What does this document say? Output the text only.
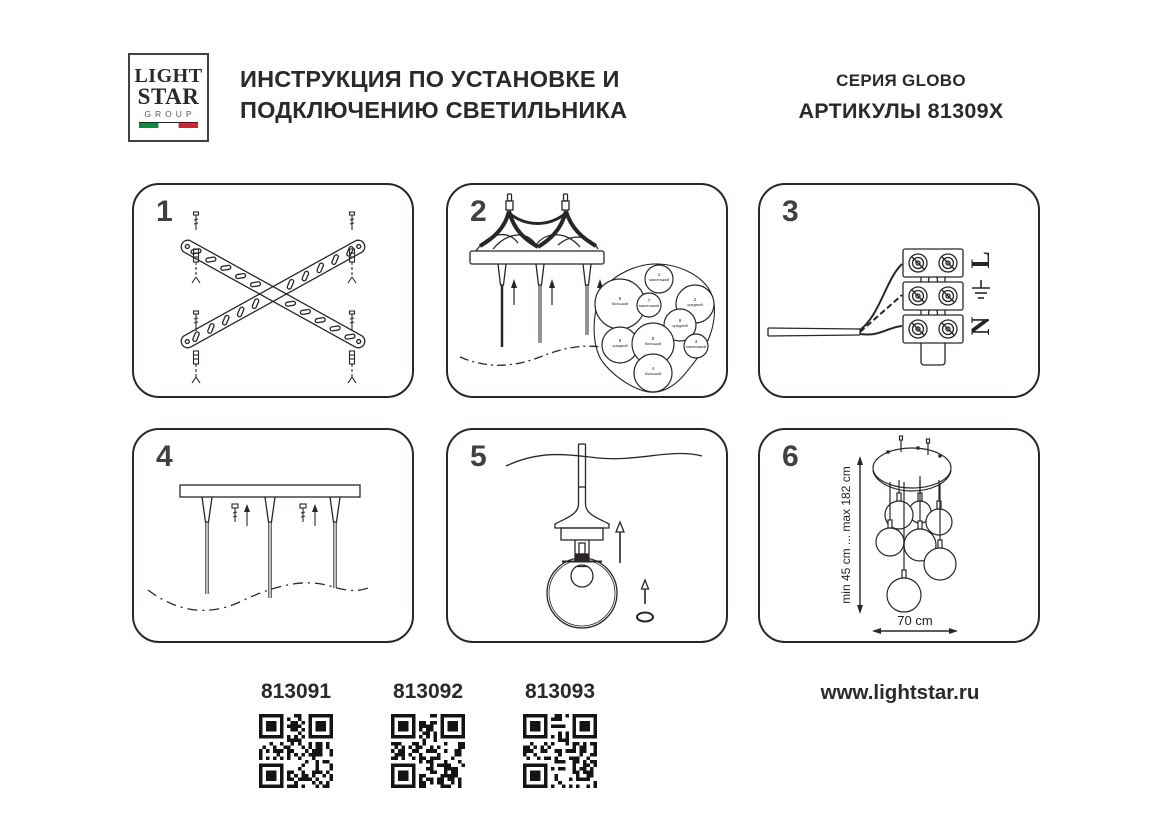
LIGHT
STAR
GROUP
ИНСТРУКЦИЯ ПО УСТАНОВКЕ И
ПОДКЛЮЧЕНИЮ СВЕТИЛЬНИКА
СЕРИЯ GLOBO
АРТИКУЛЫ 81309X
1
1
маленький
2
средний
3
маленький
4
большой
5
средний
6
большой	7
маленький
8
большой
9
средний
2
L
N
3
4	5
min 45 cm ... max 182 cm
70 cm
6
813091	813092	813093	www.lightstar.ru
